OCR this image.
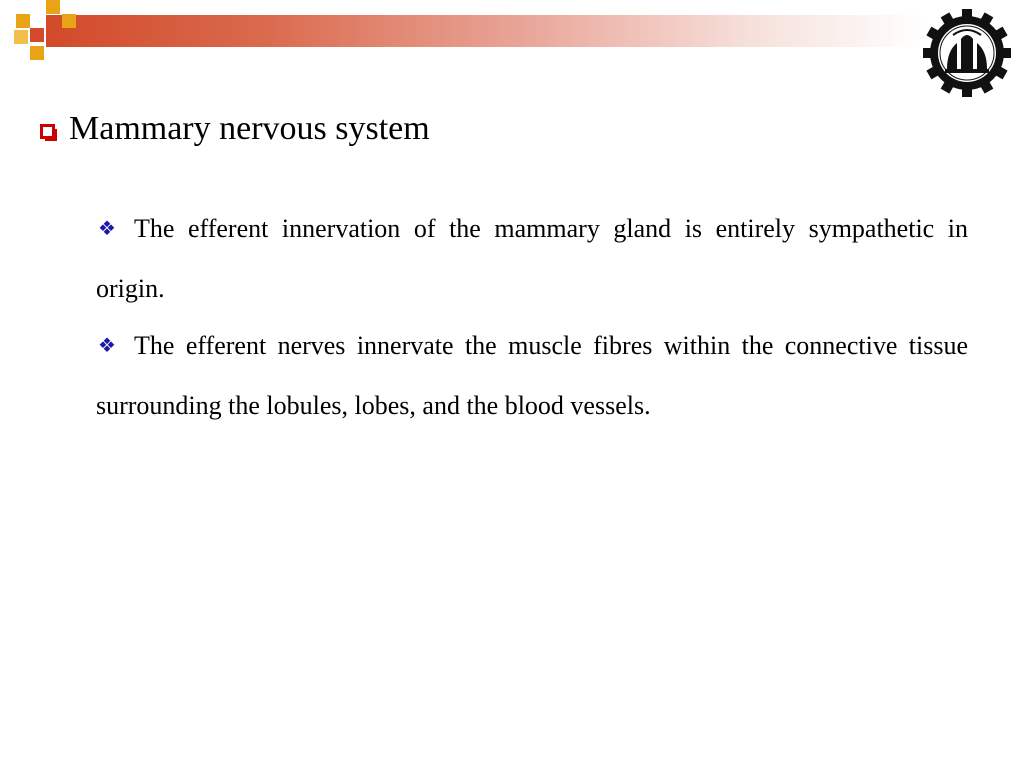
Mammary nervous system

❖ The efferent innervation of the mammary gland is entirely sympathetic in origin.

❖ The efferent nerves innervate the muscle fibres within the connective tissue surrounding the lobules, lobes, and the blood vessels.
